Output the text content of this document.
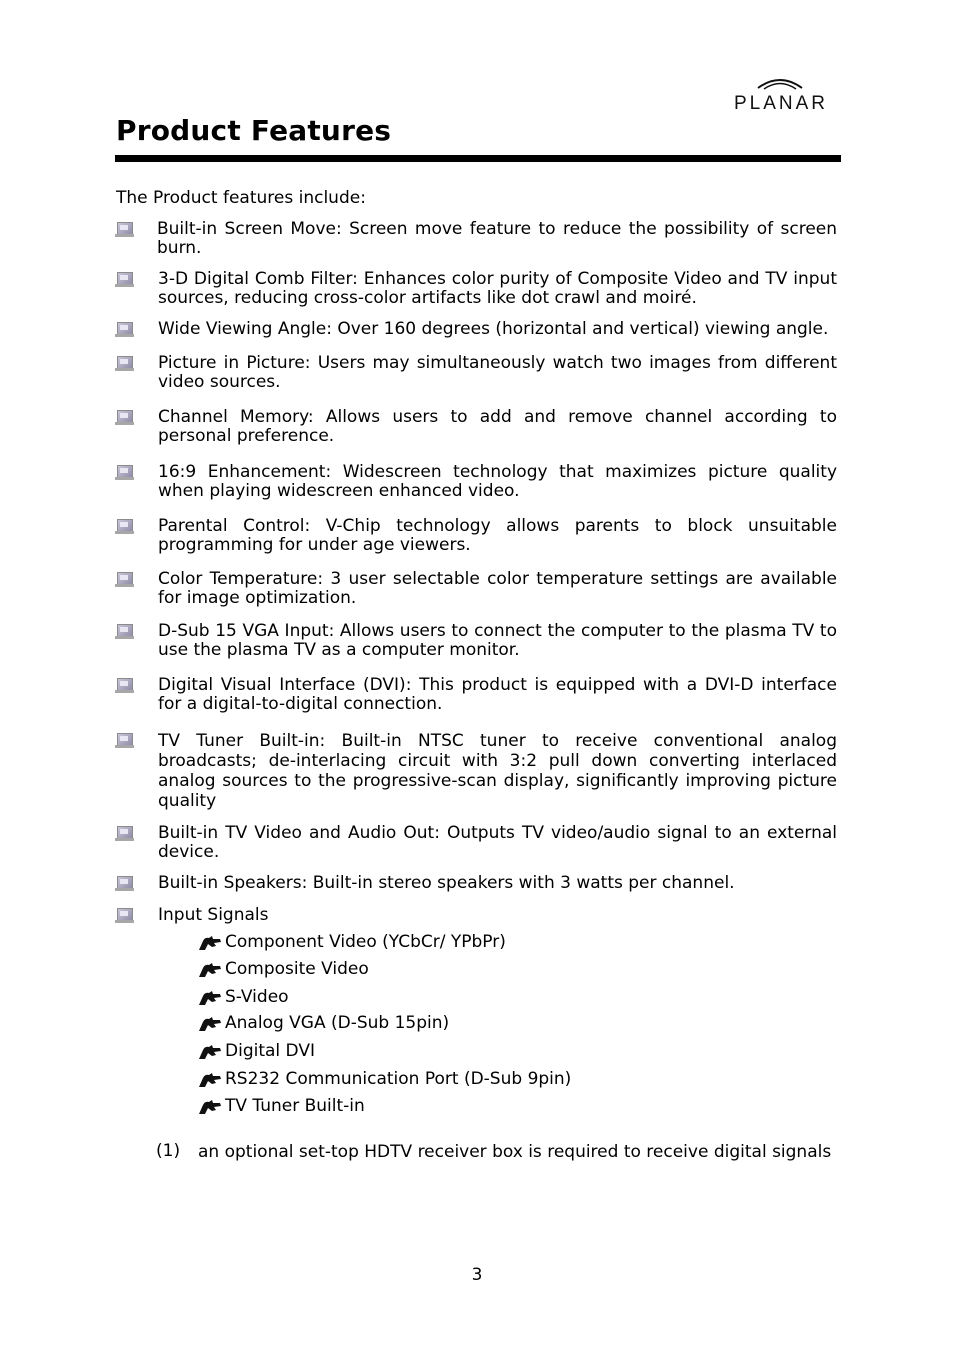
PLANAR
Product Features
The Product features include:
Built-in Screen Move: Screen move feature to reduce the possibility of screen burn.
3-D Digital Comb Filter: Enhances color purity of Composite Video and TV input sources, reducing cross-color artifacts like dot crawl and moiré.
Wide Viewing Angle: Over 160 degrees (horizontal and vertical) viewing angle.
Picture in Picture: Users may simultaneously watch two images from different video sources.
Channel Memory: Allows users to add and remove channel according to personal preference.
16:9 Enhancement: Widescreen technology that maximizes picture quality when playing widescreen enhanced video.
Parental Control: V-Chip technology allows parents to block unsuitable programming for under age viewers.
Color Temperature: 3 user selectable color temperature settings are available for image optimization.
D-Sub 15 VGA Input: Allows users to connect the computer to the plasma TV to use the plasma TV as a computer monitor.
Digital Visual Interface (DVI): This product is equipped with a DVI-D interface for a digital-to-digital connection.
TV Tuner Built-in: Built-in NTSC tuner to receive conventional analog broadcasts; de-interlacing circuit with 3:2 pull down converting interlaced analog sources to the progressive-scan display, significantly improving picture quality
Built-in TV Video and Audio Out: Outputs TV video/audio signal to an external device.
Built-in Speakers: Built-in stereo speakers with 3 watts per channel.
Input Signals
Component Video (YCbCr/ YPbPr)
Composite Video
S-Video
Analog VGA (D-Sub 15pin)
Digital DVI
RS232 Communication Port (D-Sub 9pin)
TV Tuner Built-in
(1) an optional set-top HDTV receiver box is required to receive digital signals
3
